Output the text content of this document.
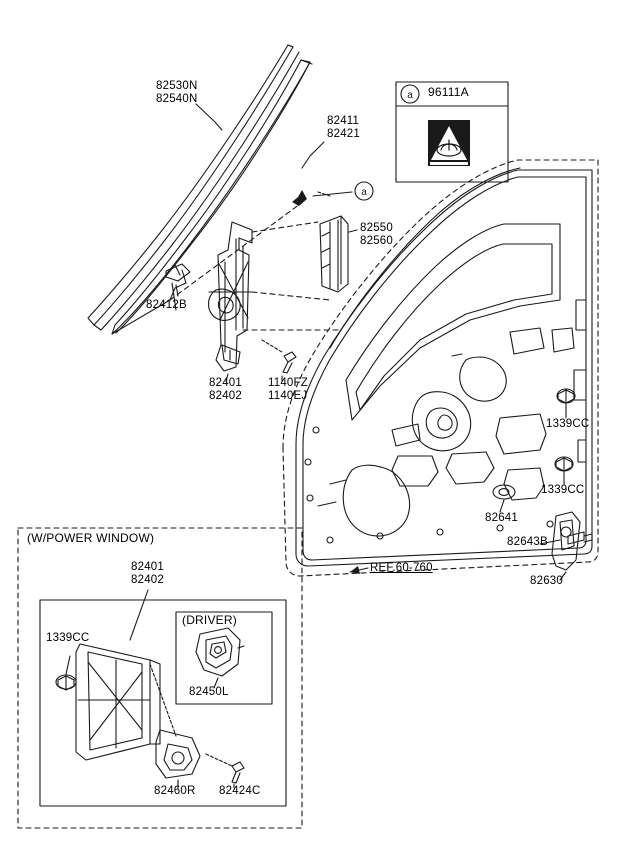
a
a
WARNING
82530N
82540N
82411
82421
96111A
82550
82560
82412B
82401
82402
1140FZ
1140EJ
1339CC
1339CC
82641
82643B
82630
REF.60-760
(W/POWER WINDOW)
82401
82402
1339CC
(DRIVER)
82450L
82460R 82424C
